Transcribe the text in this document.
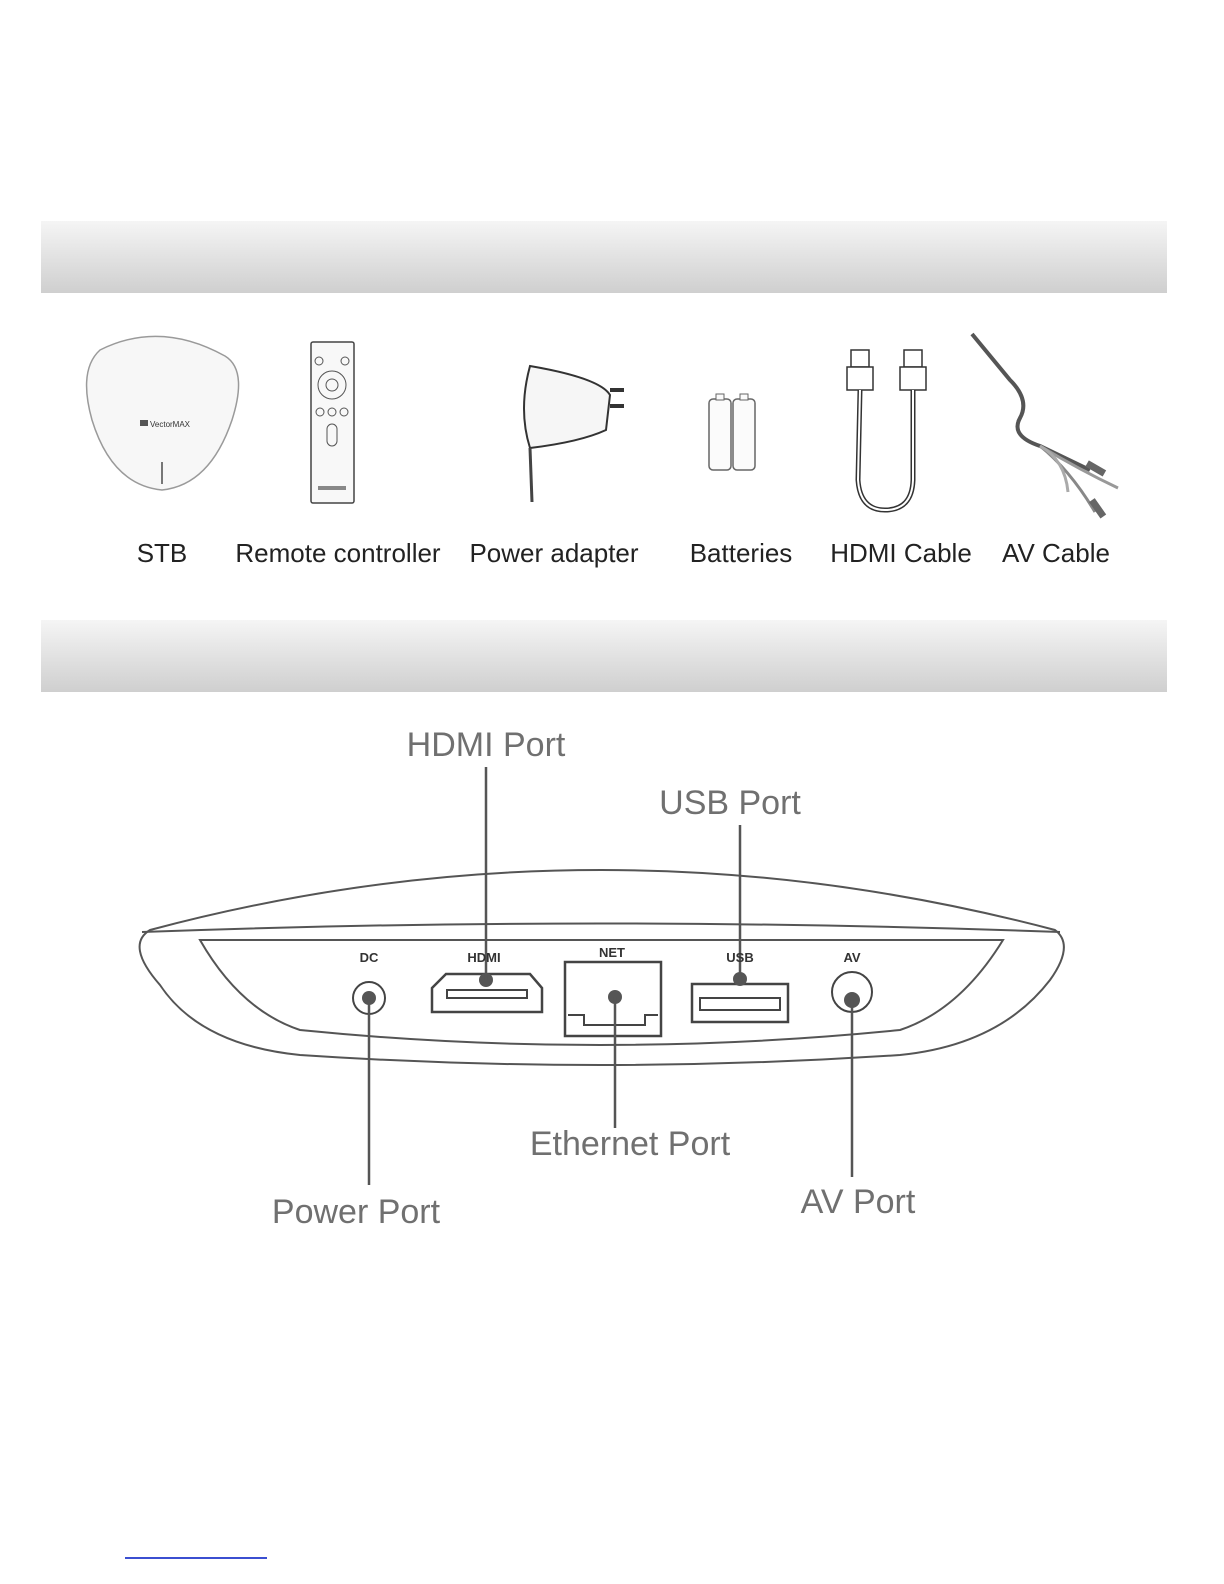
VectorMAX
DC	HDMI	NET	USB	AV
STB Remote controller Power adapter Batteries HDMI Cable AV Cable
HDMI Port
USB Port
Ethernet Port
Power Port	AV Port
